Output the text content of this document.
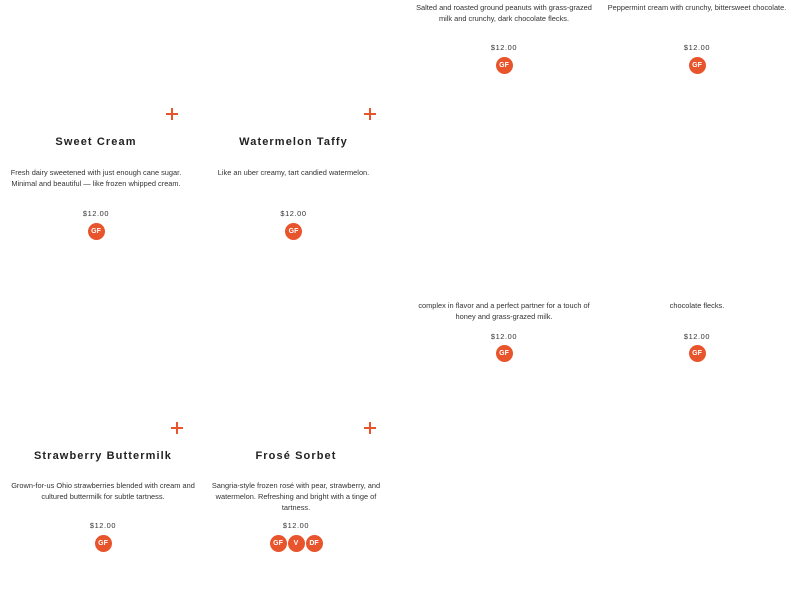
Salted and roasted ground peanuts with grass-grazed milk and crunchy, dark chocolate flecks.
$12.00
GF
Peppermint cream with crunchy, bittersweet chocolate.
$12.00
GF
Sweet Cream
Fresh dairy sweetened with just enough cane sugar. Minimal and beautiful — like frozen whipped cream.
$12.00
GF
Watermelon Taffy
Like an uber creamy, tart candied watermelon.
$12.00
GF
complex in flavor and a perfect partner for a touch of honey and grass-grazed milk.
$12.00
GF
chocolate flecks.
$12.00
GF
Strawberry Buttermilk
Grown-for-us Ohio strawberries blended with cream and cultured buttermilk for subtle tartness.
$12.00
GF
Frosé Sorbet
Sangria-style frozen rosé with pear, strawberry, and watermelon. Refreshing and bright with a tinge of tartness.
$12.00
GF	V	DF
